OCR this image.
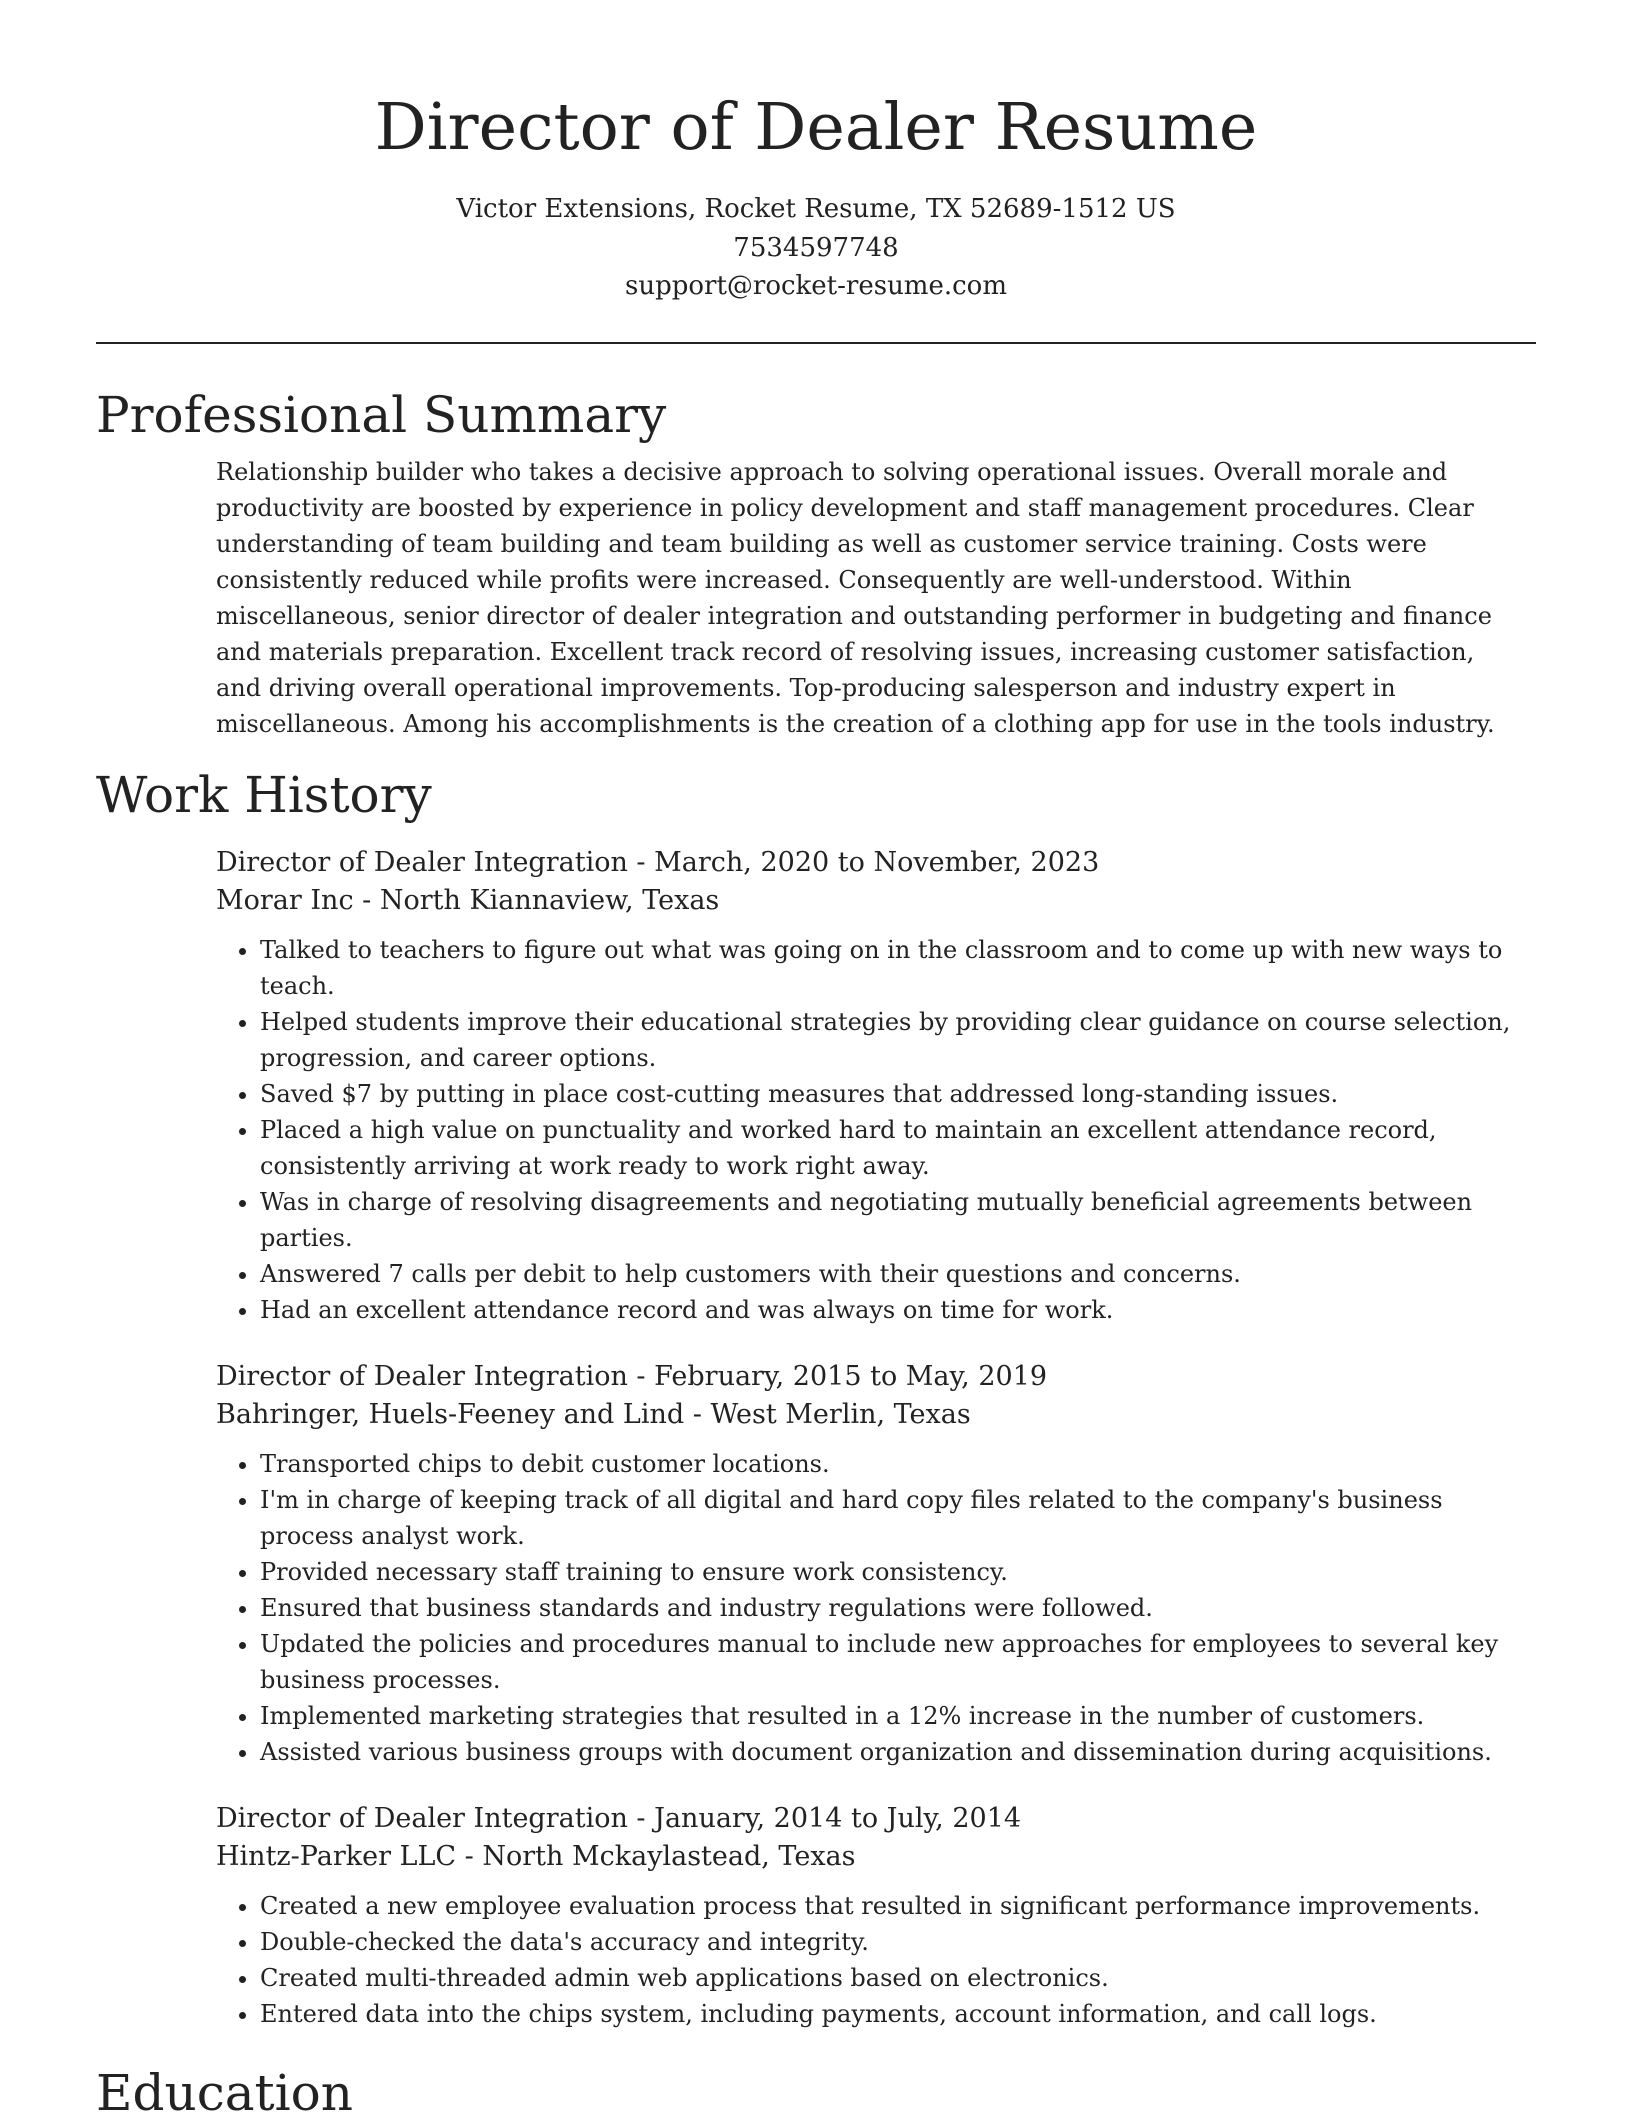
Director of Dealer Resume
Victor Extensions, Rocket Resume, TX 52689-1512 US
7534597748
support@rocket-resume.com
Professional Summary

Relationship builder who takes a decisive approach to solving operational issues. Overall morale and productivity are boosted by experience in policy development and staff management procedures. Clear understanding of team building and team building as well as customer service training. Costs were consistently reduced while profits were increased. Consequently are well-understood. Within miscellaneous, senior director of dealer integration and outstanding performer in budgeting and finance and materials preparation. Excellent track record of resolving issues, increasing customer satisfaction, and driving overall operational improvements. Top-producing salesperson and industry expert in miscellaneous. Among his accomplishments is the creation of a clothing app for use in the tools industry.

Work History
Director of Dealer Integration - March, 2020 to November, 2023
Morar Inc - North Kiannaview, Texas
• Talked to teachers to figure out what was going on in the classroom and to come up with new ways to teach.
• Helped students improve their educational strategies by providing clear guidance on course selection, progression, and career options.
• Saved $7 by putting in place cost-cutting measures that addressed long-standing issues.
• Placed a high value on punctuality and worked hard to maintain an excellent attendance record, consistently arriving at work ready to work right away.
• Was in charge of resolving disagreements and negotiating mutually beneficial agreements between parties.
• Answered 7 calls per debit to help customers with their questions and concerns.
• Had an excellent attendance record and was always on time for work.
Director of Dealer Integration - February, 2015 to May, 2019
Bahringer, Huels-Feeney and Lind - West Merlin, Texas
• Transported chips to debit customer locations.
• I'm in charge of keeping track of all digital and hard copy files related to the company's business process analyst work.
• Provided necessary staff training to ensure work consistency.
• Ensured that business standards and industry regulations were followed.
• Updated the policies and procedures manual to include new approaches for employees to several key business processes.
• Implemented marketing strategies that resulted in a 12% increase in the number of customers.
• Assisted various business groups with document organization and dissemination during acquisitions.
Director of Dealer Integration - January, 2014 to July, 2014
Hintz-Parker LLC - North Mckaylastead, Texas
• Created a new employee evaluation process that resulted in significant performance improvements.
• Double-checked the data's accuracy and integrity.
• Created multi-threaded admin web applications based on electronics.
• Entered data into the chips system, including payments, account information, and call logs.
Education
